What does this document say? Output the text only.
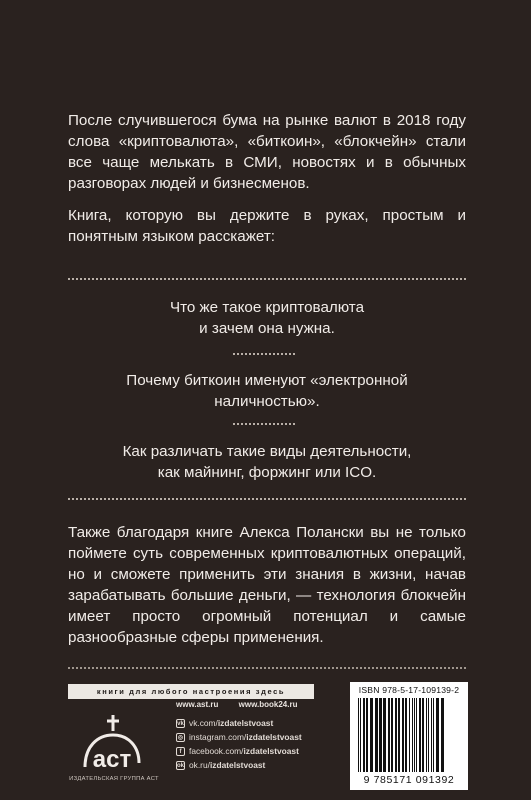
После случившегося бума на рынке валют в 2018 году слова «криптовалюта», «биткоин», «блокчейн» стали все чаще мелькать в СМИ, новостях и в обычных разговорах людей и бизнесменов.

Книга, которую вы держите в руках, простым и понятным языком расскажет:

Что же такое криптовалюта
и зачем она нужна.

Почему биткоин именуют «электронной
наличностью».

Как различать такие виды деятельности,
как майнинг, форжинг или ICO.

Также благодаря книге Алекса Полански вы не только поймете суть современных криптовалютных операций, но и сможете применить эти знания в жизни, начав зарабатывать большие деньги, — технология блокчейн имеет просто огромный потенциал и самые разнообразные сферы применения.

книги для любого настроения здесь
аст
ИЗДАТЕЛЬСКАЯ ГРУППА АСТ
www.ast.ru	www.book24.ru
vk vk.com/ izdatelstvoast
◎ instagram.com/ izdatelstvoast
f facebook.com/ izdatelstvoast
ok ok.ru/ izdatelstvoast
ISBN 978-5-17-109139-2
9 785171 091392
